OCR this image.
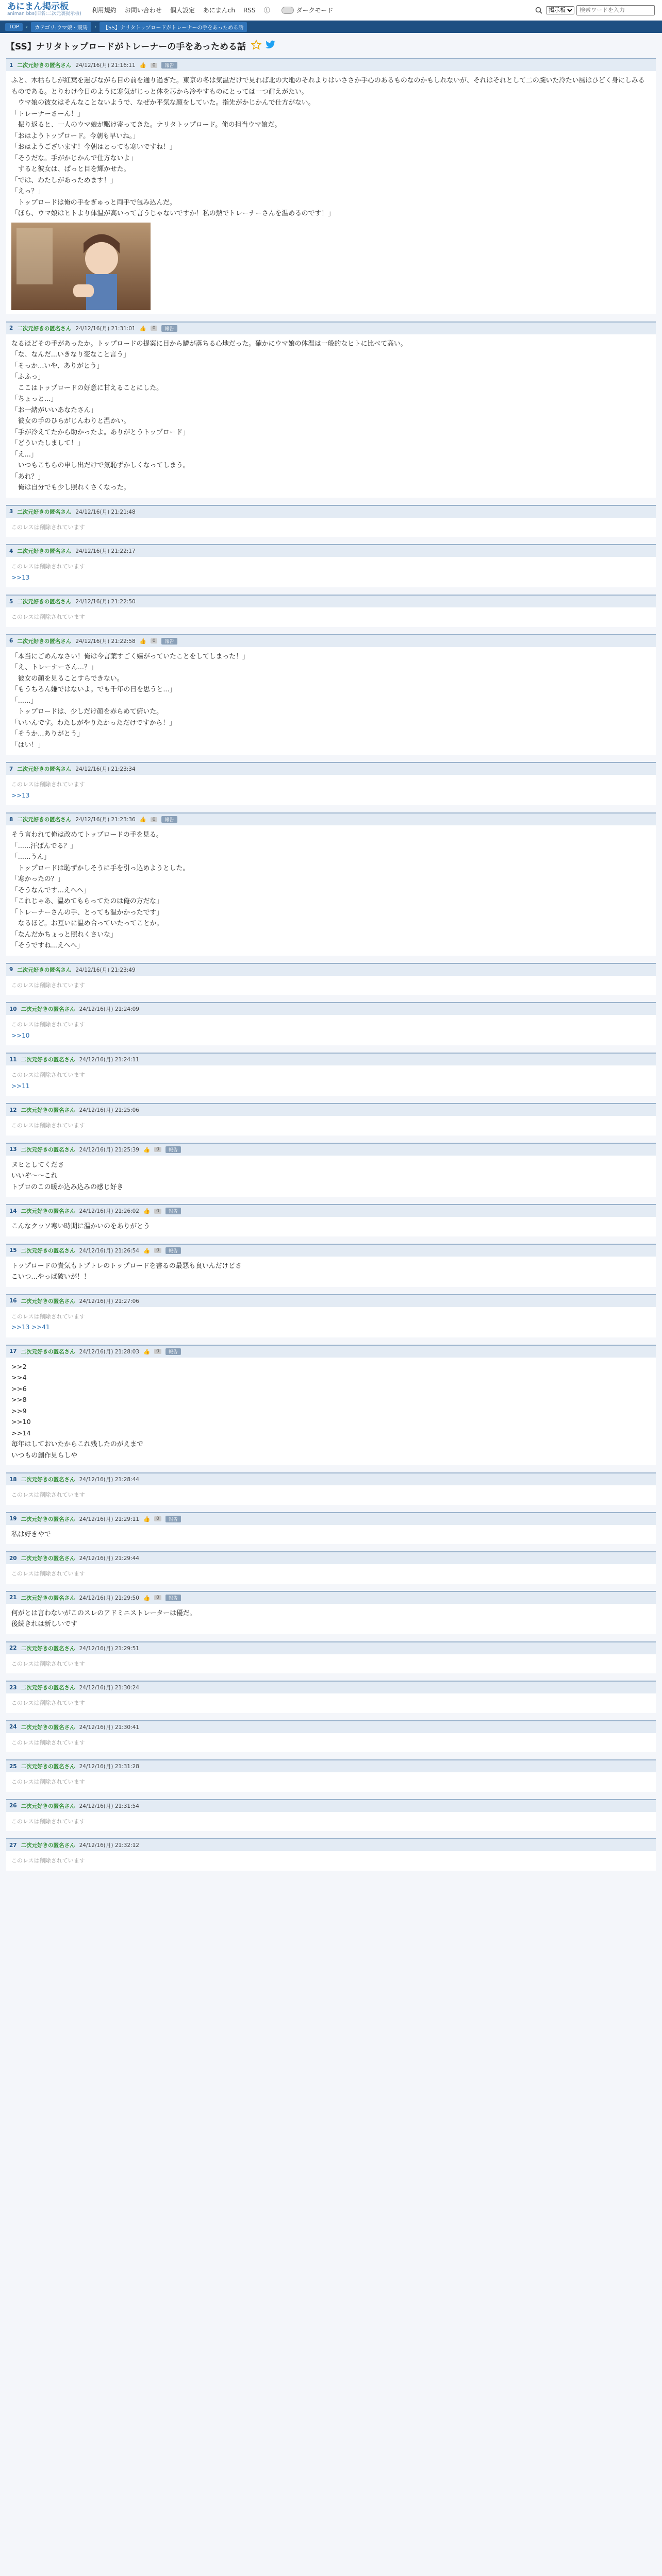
あにまん掲示板
animan bbs(旧名:二次元裏掲示板) 利用規約 お問い合わせ 個人設定 あにまんch RSS ⓘ	ダークモード
掲示板
検索ワードを入力
TOP	›	カテゴリ:ウマ娘・競馬	›	【SS】ナリタトップロードがトレーナーの手をあっためる話
【SS】ナリタトップロードがトレーナーの手をあっためる話
1 二次元好きの匿名さん 24/12/16(月) 21:16:11 👍	0	報告
ふと、木枯らしが紅葉を運びながら目の前を通り過ぎた。東京の冬は気温だけで見れば北の大地のそれよりはいささか手心のあるものなのかもしれないが、それはそれとして二の腕いた冷たい風はひどく身にしみるものである。とりわけ今日のように寒気がじっと体を芯から冷やすものにとっては一つ耐えがたい。
　ウマ娘の彼女はそんなことないようで、なぜか平気な顔をしていた。指先がかじかんで仕方がない。
「トレーナーさーん！」
　振り返ると、一人のウマ娘が駆け寄ってきた。ナリタトップロード。俺の担当ウマ娘だ。
「おはようトップロード。今朝も早いね。」
「おはようございます！今朝はとっても寒いですね！」
「そうだな。手がかじかんで仕方ないよ」
　すると彼女は、ぱっと目を輝かせた。
「では、わたしがあっためます！」
「えっ？」
　トップロードは俺の手をぎゅっと両手で包み込んだ。
「ほら、ウマ娘はヒトより体温が高いって言うじゃないですか！私の熱でトレーナーさんを温めるのです！」
2 二次元好きの匿名さん 24/12/16(月) 21:31:01 👍	0	報告
なるほどその手があったか。トップロードの提案に目から鱗が落ちる心地だった。確かにウマ娘の体温は一般的なヒトに比べて高い。
「な、なんだ...いきなり変なこと言う」
「そっか...いや、ありがとう」
「ふふっ」
　ここはトップロードの好意に甘えることにした。
「ちょっと...」
「お一緒がいいあなたさん」
　彼女の手のひらがじんわりと温かい。
「手が冷えてたから助かったよ。ありがとうトップロード」
「どういたしまして！」
「え...」
　いつもこちらの申し出だけで気恥ずかしくなってしまう。
「あれ？」
　俺は自分でも少し照れくさくなった。
3 二次元好きの匿名さん 24/12/16(月) 21:21:48
このレスは削除されています
4 二次元好きの匿名さん 24/12/16(月) 21:22:17
このレスは削除されています
>>13
5 二次元好きの匿名さん 24/12/16(月) 21:22:50
このレスは削除されています
6 二次元好きの匿名さん 24/12/16(月) 21:22:58 👍	0	報告
「本当にごめんなさい！俺は今言葉すごく嬉がっていたことをしてしまった！」
「え、トレーナーさん...？」
　彼女の顔を見ることすらできない。
「もうちろん嫌ではないよ。でも千年の日を思うと...」
「......」
　トップロードは、少しだけ顔を赤らめて俯いた。
「いいんです。わたしがやりたかっただけですから！」
「そうか...ありがとう」
「はい！」
7 二次元好きの匿名さん 24/12/16(月) 21:23:34
このレスは削除されています
>>13
8 二次元好きの匿名さん 24/12/16(月) 21:23:36 👍	0	報告
そう言われて俺は改めてトップロードの手を見る。
「......汗ばんでる？」
「......うん」
　トップロードは恥ずかしそうに手を引っ込めようとした。
「寒かったの？」
「そうなんです...えへへ」
「これじゃあ、温めてもらってたのは俺の方だな」
「トレーナーさんの手、とっても温かかったです」
　なるほど。お互いに温め合っていたってことか。
「なんだかちょっと照れくさいな」
「そうですね...えへへ」
9 二次元好きの匿名さん 24/12/16(月) 21:23:49
このレスは削除されています
10 二次元好きの匿名さん 24/12/16(月) 21:24:09
このレスは削除されています
>>10
11 二次元好きの匿名さん 24/12/16(月) 21:24:11
このレスは削除されています
>>11
12 二次元好きの匿名さん 24/12/16(月) 21:25:06
このレスは削除されています
13 二次元好きの匿名さん 24/12/16(月) 21:25:39 👍	0	報告
ヌヒとしてくださ
いいぞ〜〜これ
トプロのこの暖か込み込みの感じ好き
14 二次元好きの匿名さん 24/12/16(月) 21:26:02 👍	0	報告
こんなクッソ寒い時期に温かいのをありがとう
15 二次元好きの匿名さん 24/12/16(月) 21:26:54 👍	0	報告
トップロードの貴気もトプトレのトップロードを書るの最悪も良いんだけどさ
こいつ...やっぱ破いが！！
16 二次元好きの匿名さん 24/12/16(月) 21:27:06
このレスは削除されています
>>13 >>41
17 二次元好きの匿名さん 24/12/16(月) 21:28:03 👍	0	報告
>>2
>>4
>>6
>>8
>>9
>>10
>>14
毎年はしておいたからこれ残したのがえまで
いつもの創作見らしや
18 二次元好きの匿名さん 24/12/16(月) 21:28:44
このレスは削除されています
19 二次元好きの匿名さん 24/12/16(月) 21:29:11 👍	0	報告
私は好きやで
20 二次元好きの匿名さん 24/12/16(月) 21:29:44
このレスは削除されています
21 二次元好きの匿名さん 24/12/16(月) 21:29:50 👍	0	報告
何がとは言わないがこのスレのアドミニストレーターは優だ。
後続きれは新しいです
22 二次元好きの匿名さん 24/12/16(月) 21:29:51
このレスは削除されています
23 二次元好きの匿名さん 24/12/16(月) 21:30:24
このレスは削除されています
24 二次元好きの匿名さん 24/12/16(月) 21:30:41
このレスは削除されています
25 二次元好きの匿名さん 24/12/16(月) 21:31:28
このレスは削除されています
26 二次元好きの匿名さん 24/12/16(月) 21:31:54
このレスは削除されています
27 二次元好きの匿名さん 24/12/16(月) 21:32:12
このレスは削除されています
